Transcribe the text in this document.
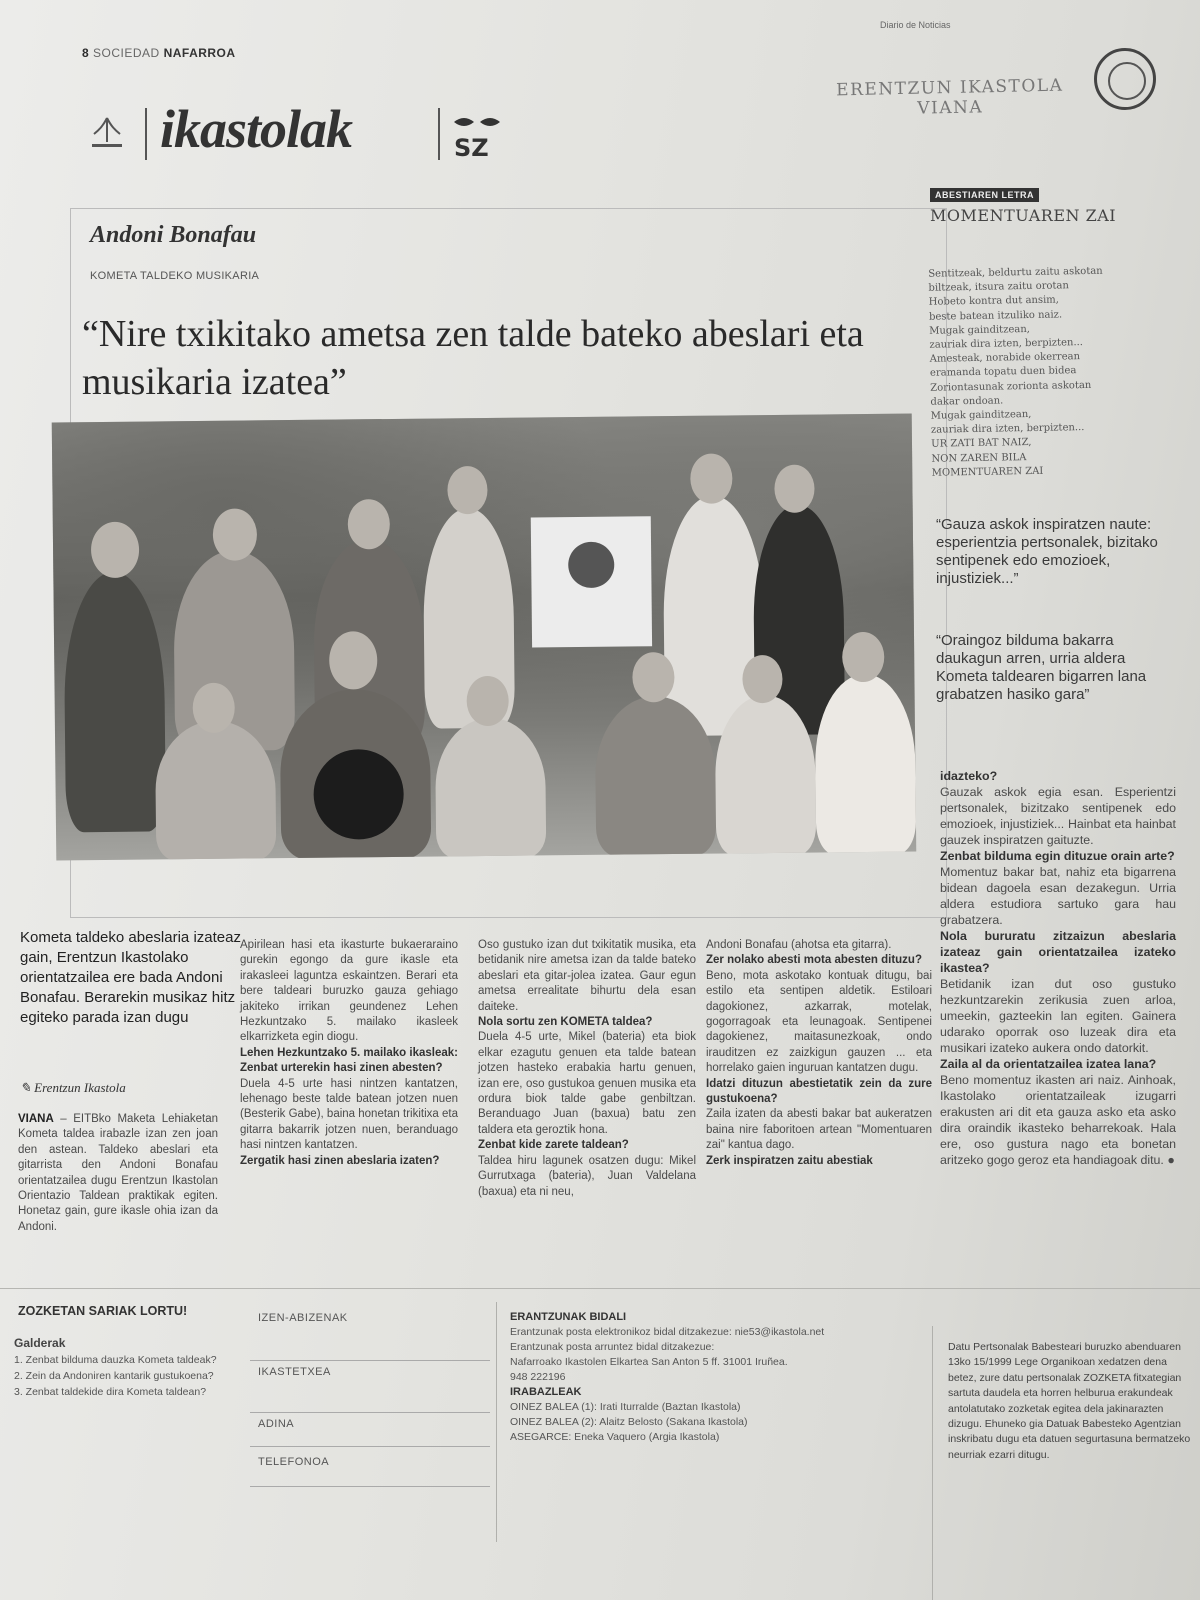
8 SOCIEDAD NAFARROA
Diario de Noticias
ikastolak	SZ
ERENTZUN IKASTOLA
VIANA
Andoni Bonafau
KOMETA TALDEKO MUSIKARIA
“Nire txikitako ametsa zen talde bateko abeslari eta musikaria izatea”
Kometa taldeko abeslaria izateaz gain, Erentzun Ikastolako orientatzailea ere bada Andoni Bonafau. Berarekin musikaz hitz egiteko parada izan dugu
✎ Erentzun Ikastola

VIANA – EITBko Maketa Lehiaketan Kometa taldea irabazle izan zen joan den astean. Taldeko abeslari eta gitarrista den Andoni Bonafau orientatzailea dugu Erentzun Ikastolan Orientazio Taldean praktikak egiten. Honetaz gain, gure ikasle ohia izan da Andoni.

Apirilean hasi eta ikasturte bukaeraraino gurekin egongo da gure ikasle eta irakasleei laguntza eskaintzen. Berari eta bere taldeari buruzko gauza gehiago jakiteko irrikan geundenez Lehen Hezkuntzako 5. mailako ikasleek elkarrizketa egin diogu.

Lehen Hezkuntzako 5. mailako ikasleak: Zenbat urterekin hasi zinen abesten?

Duela 4-5 urte hasi nintzen kantatzen, lehenago beste talde batean jotzen nuen (Besterik Gabe), baina honetan trikitixa eta gitarra bakarrik jotzen nuen, beranduago hasi nintzen kantatzen.

Zergatik hasi zinen abeslaria izaten?

Oso gustuko izan dut txikitatik musika, eta betidanik nire ametsa izan da talde bateko abeslari eta gitar-jolea izatea. Gaur egun ametsa errealitate bihurtu dela esan daiteke.

Nola sortu zen KOMETA taldea?

Duela 4-5 urte, Mikel (bateria) eta biok elkar ezagutu genuen eta talde batean jotzen hasteko erabakia hartu genuen, izan ere, oso gustukoa genuen musika eta ordura biok talde gabe genbiltzan. Beranduago Juan (baxua) batu zen taldera eta geroztik hona.

Zenbat kide zarete taldean?

Taldea hiru lagunek osatzen dugu: Mikel Gurrutxaga (bateria), Juan Valdelana (baxua) eta ni neu,

Andoni Bonafau (ahotsa eta gitarra).

Zer nolako abesti mota abesten dituzu?

Beno, mota askotako kontuak ditugu, bai estilo eta sentipen aldetik. Estiloari dagokionez, azkarrak, motelak, gogorragoak eta leunagoak. Sentipenei dagokienez, maitasunezkoak, ondo irauditzen ez zaizkigun gauzen ... eta horrelako gaien inguruan kantatzen dugu.

Idatzi dituzun abestietatik zein da zure gustukoena?

Zaila izaten da abesti bakar bat aukeratzen baina nire faboritoen artean "Momentuaren zai" kantua dago.

Zerk inspiratzen zaitu abestiak

idazteko?

Gauzak askok egia esan. Esperientzi pertsonalek, bizitzako sentipenek edo emozioek, injustiziek... Hainbat eta hainbat gauzek inspiratzen gaituzte.

Zenbat bilduma egin dituzue orain arte?

Momentuz bakar bat, nahiz eta bigarrena bidean dagoela esan dezakegun. Urria aldera estudiora sartuko gara hau grabatzera.

Nola bururatu zitzaizun abeslaria izateaz gain orientatzailea izateko ikastea?

Betidanik izan dut oso gustuko hezkuntzarekin zerikusia zuen arloa, umeekin, gazteekin lan egiten. Gainera udarako oporrak oso luzeak dira eta musikari izateko aukera ondo datorkit.

Zaila al da orientatzailea izatea lana?

Beno momentuz ikasten ari naiz. Ainhoak, Ikastolako orientatzaileak izugarri erakusten ari dit eta gauza asko eta asko dira oraindik ikasteko beharrekoak. Hala ere, oso gustura nago eta bonetan aritzeko gogo geroz eta handiagoak ditu. ●

ABESTIAREN LETRA
MOMENTUAREN ZAI
Sentitzeak, beldurtu zaitu askotan
biltzeak, itsura zaitu orotan
Hobeto kontra dut ansim,
beste batean itzuliko naiz.
Mugak gainditzean,
zauriak dira izten, berpizten...
Amesteak, norabide okerrean
eramanda topatu duen bidea
Zoriontasunak zorionta askotan
dakar ondoan.
Mugak gainditzean,
zauriak dira izten, berpizten...
UR ZATI BAT NAIZ,
NON ZAREN BILA
MOMENTUAREN ZAI
“Gauza askok inspiratzen naute: esperientzia pertsonalek, bizitako sentipenek edo emozioek, injustiziek...”
“Oraingoz bilduma bakarra daukagun arren, urria aldera Kometa taldearen bigarren lana grabatzen hasiko gara”
ZOZKETAN SARIAK LORTU!
Galderak
1. Zenbat bilduma dauzka Kometa taldeak?
2. Zein da Andoniren kantarik gustukoena?
3. Zenbat taldekide dira Kometa taldean?
IZEN-ABIZENAK
IKASTETXEA
ADINA
TELEFONOA
ERANTZUNAK BIDALI
Erantzunak posta elektronikoz bidal ditzakezue: nie53@ikastola.net
Erantzunak posta arruntez bidal ditzakezue:
Nafarroako Ikastolen Elkartea San Anton 5 ff. 31001 Iruñea.
948 222196
IRABAZLEAK
OINEZ BALEA (1): Irati Iturralde (Baztan Ikastola)
OINEZ BALEA (2): Alaitz Belosto (Sakana Ikastola)
ASEGARCE: Eneka Vaquero (Argia Ikastola)
Datu Pertsonalak Babesteari buruzko abenduaren 13ko 15/1999 Lege Organikoan xedatzen dena betez, zure datu pertsonalak ZOZKETA fitxategian sartuta daudela eta horren helburua erakundeak antolatutako zozketak egitea dela jakinarazten dizugu. Ehuneko gia Datuak Babesteko Agentzian inskribatu dugu eta datuen segurtasuna bermatzeko neurriak ezarri ditugu.
